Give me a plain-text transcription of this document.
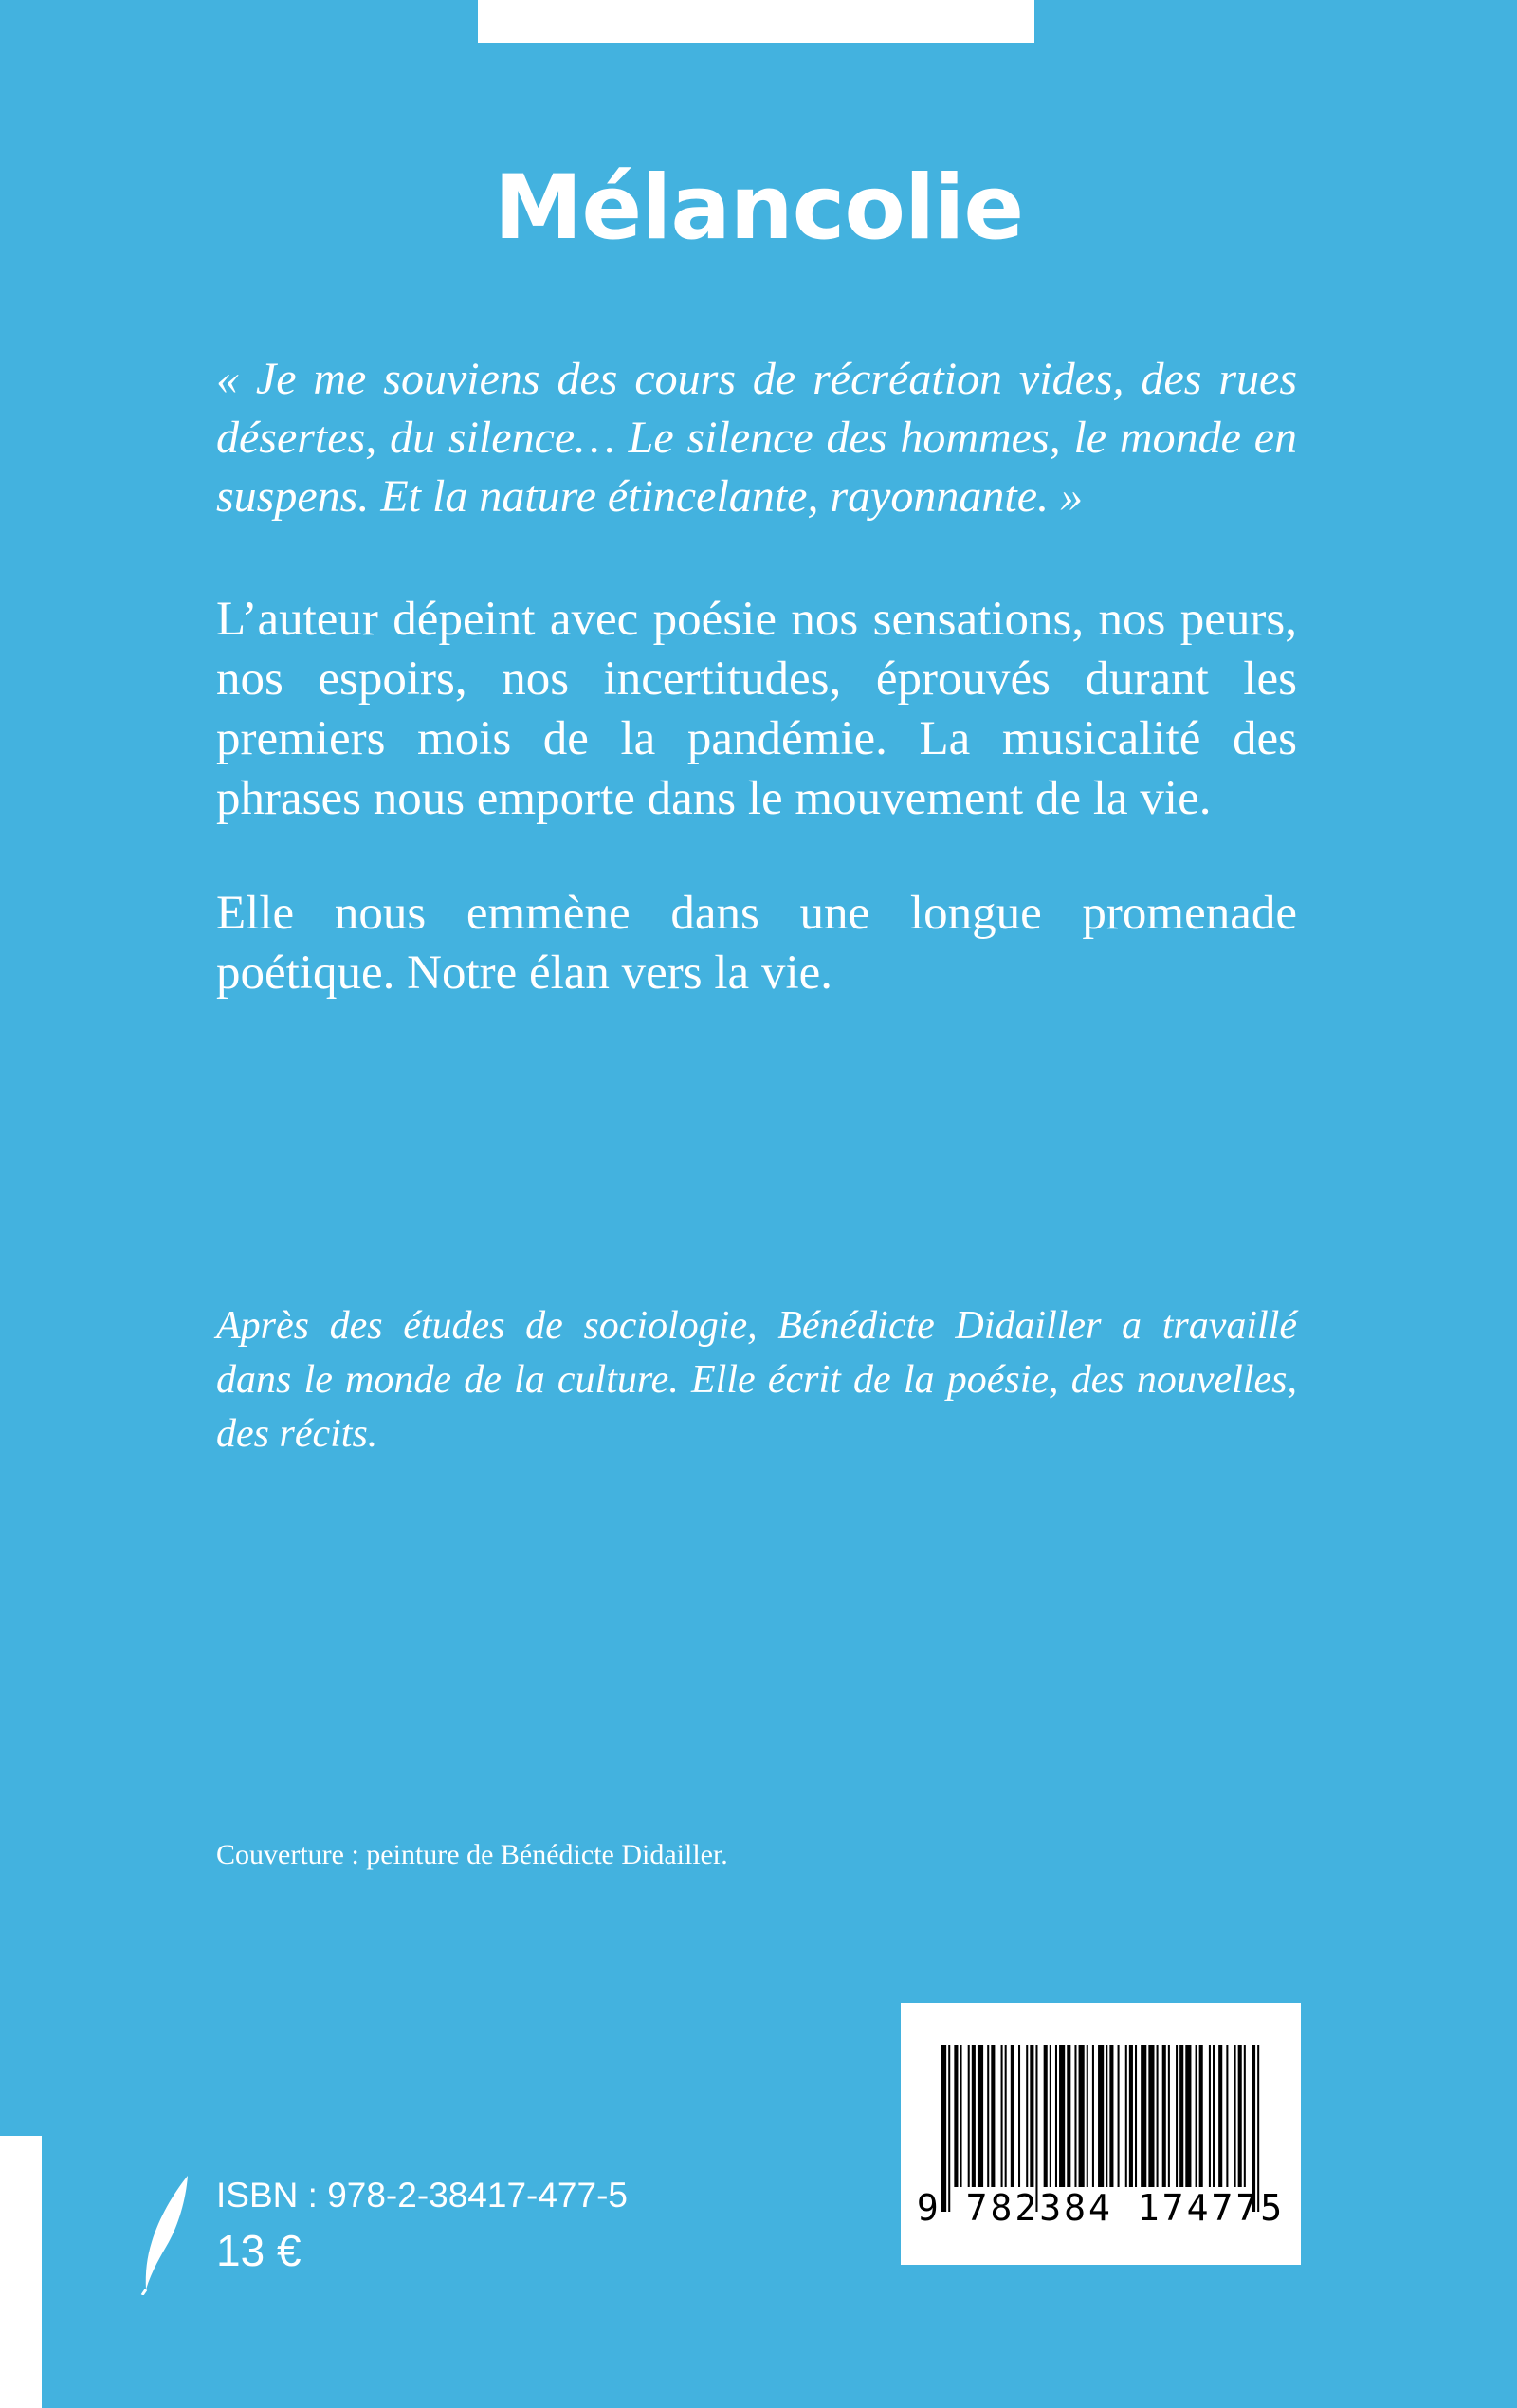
Mélancolie
« Je me souviens des cours de récréation vides, des rues désertes, du silence… Le silence des hommes, le monde en suspens. Et la nature étincelante, rayonnante. »
L’auteur dépeint avec poésie nos sensations, nos peurs, nos espoirs, nos incertitudes, éprouvés durant les premiers mois de la pandémie. La musicalité des phrases nous emporte dans le mouvement de la vie.
Elle nous emmène dans une longue promenade poétique. Notre élan vers la vie.
Après des études de sociologie, Bénédicte Didailler a travaillé dans le monde de la culture. Elle écrit de la poésie, des nouvelles, des récits.
Couverture : peinture de Bénédicte Didailler.
ISBN : 978-2-38417-477-5
13 €
9 782384 174775
